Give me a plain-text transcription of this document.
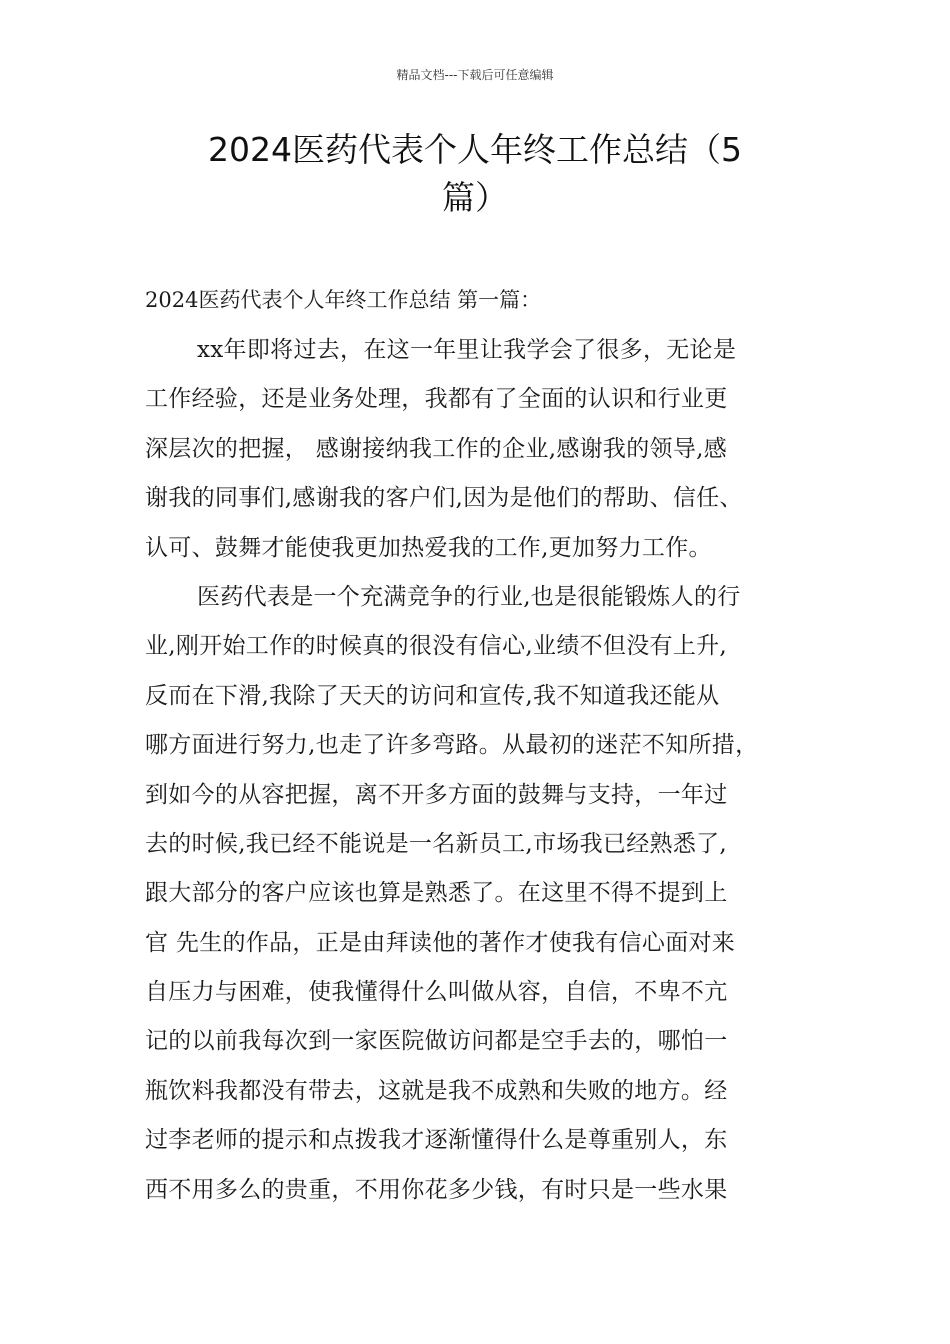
精品文档---下载后可任意编辑
2024医药代表个人年终工作总结（5
篇）
2024医药代表个人年终工作总结 第一篇：
xx年即将过去，在这一年里让我学会了很多，无论是
工作经验，还是业务处理，我都有了全面的认识和行业更
深层次的把握， 感谢接纳我工作的企业,感谢我的领导,感
谢我的同事们,感谢我的客户们,因为是他们的帮助、信任、
认可、鼓舞才能使我更加热爱我的工作,更加努力工作。
医药代表是一个充满竞争的行业,也是很能锻炼人的行
业,刚开始工作的时候真的很没有信心,业绩不但没有上升,
反而在下滑,我除了天天的访问和宣传,我不知道我还能从
哪方面进行努力,也走了许多弯路。从最初的迷茫不知所措，
到如今的从容把握，离不开多方面的鼓舞与支持，一年过
去的时候,我已经不能说是一名新员工,市场我已经熟悉了,
跟大部分的客户应该也算是熟悉了。在这里不得不提到上
官 先生的作品，正是由拜读他的著作才使我有信心面对来
自压力与困难，使我懂得什么叫做从容，自信，不卑不亢
记的以前我每次到一家医院做访问都是空手去的，哪怕一
瓶饮料我都没有带去，这就是我不成熟和失败的地方。经
过李老师的提示和点拨我才逐渐懂得什么是尊重别人，东
西不用多么的贵重，不用你花多少钱，有时只是一些水果
